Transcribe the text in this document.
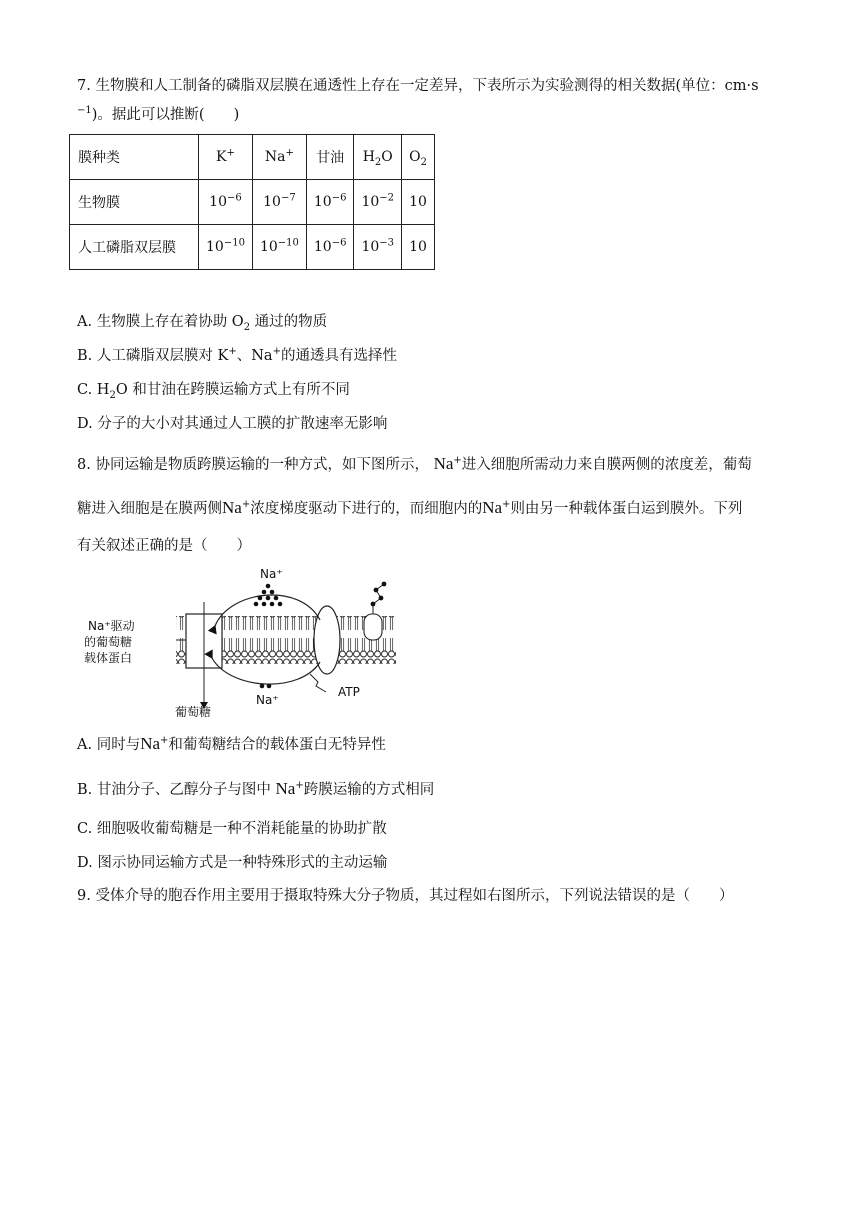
7. 生物膜和人工制备的磷脂双层膜在通透性上存在一定差异，下表所示为实验测得的相关数据(单位：cm·s
$^{-1}$)。据此可以推断(　　)
膜种类	K+	Na+	甘油	$H_2O$	$O_2$
生物膜	$10^{-6}$	$10^{-7}$	$10^{-6}$	$10^{-2}$	10
人工磷脂双层膜	$10^{-10}$	$10^{-10}$	$10^{-6}$	$10^{-3}$	10
A. 生物膜上存在着协助 $O_2$ 通过的物质
B. 人工磷脂双层膜对 K+、Na+的通透具有选择性
C. $H_2O$ 和甘油在跨膜运输方式上有所不同
D. 分子的大小对其通过人工膜的扩散速率无影响
8. 协同运输是物质跨膜运输的一种方式，如下图所示， Na+进入细胞所需动力来自膜两侧的浓度差，葡萄
糖进入细胞是在膜两侧Na+浓度梯度驱动下进行的，而细胞内的Na+则由另一种载体蛋白运到膜外。下列
有关叙述正确的是（　　）
Na⁺
Na⁺
Na⁺驱动
的葡萄糖
载体蛋白
葡萄糖
ATP
A. 同时与Na+和葡萄糖结合的载体蛋白无特异性
B. 甘油分子、乙醇分子与图中 Na+跨膜运输的方式相同
C. 细胞吸收葡萄糖是一种不消耗能量的协助扩散
D. 图示协同运输方式是一种特殊形式的主动运输
9. 受体介导的胞吞作用主要用于摄取特殊大分子物质，其过程如右图所示，下列说法错误的是（　　）
